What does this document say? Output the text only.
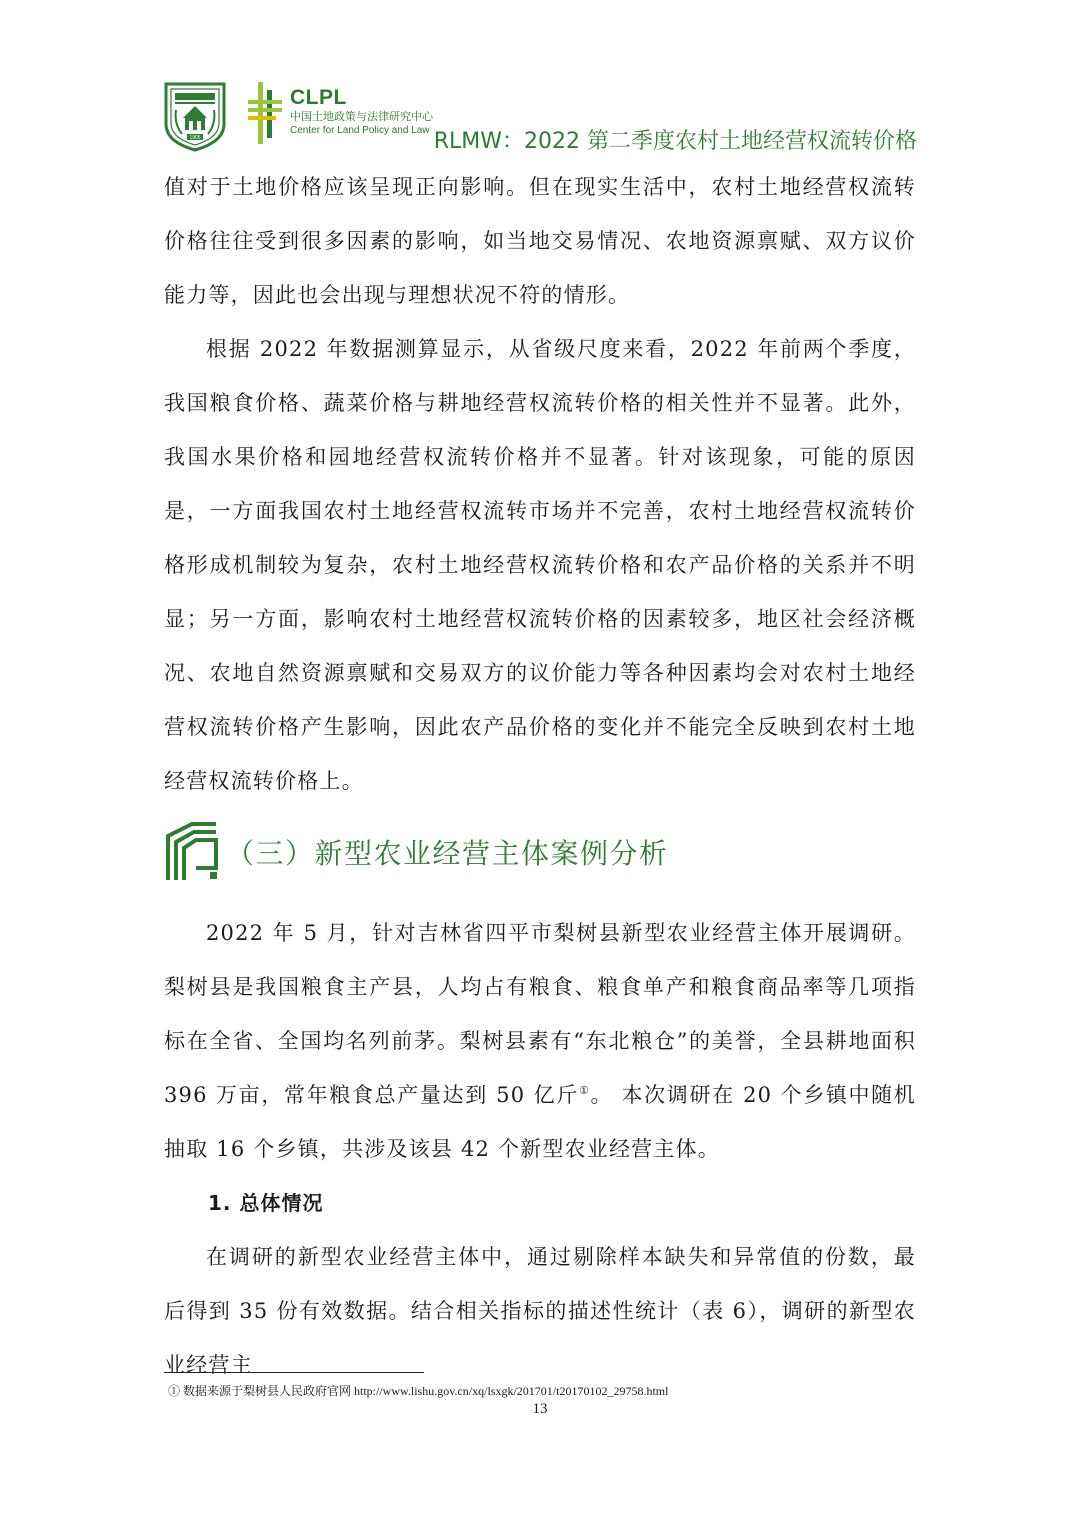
1905
CLPL
中国土地政策与法律研究中心
Center for Land Policy and Law RLMW：2022 第二季度农村土地经营权流转价格

值对于土地价格应该呈现正向影响。但在现实生活中，农村土地经营权流转价格往往受到很多因素的影响，如当地交易情况、农地资源禀赋、双方议价能力等，因此也会出现与理想状况不符的情形。

根据 2022 年数据测算显示，从省级尺度来看，2022 年前两个季度，我国粮食价格、蔬菜价格与耕地经营权流转价格的相关性并不显著。此外，我国水果价格和园地经营权流转价格并不显著。针对该现象，可能的原因是，一方面我国农村土地经营权流转市场并不完善，农村土地经营权流转价格形成机制较为复杂，农村土地经营权流转价格和农产品价格的关系并不明显；另一方面，影响农村土地经营权流转价格的因素较多，地区社会经济概况、农地自然资源禀赋和交易双方的议价能力等各种因素均会对农村土地经营权流转价格产生影响，因此农产品价格的变化并不能完全反映到农村土地经营权流转价格上。

（三）新型农业经营主体案例分析

2022 年 5 月，针对吉林省四平市梨树县新型农业经营主体开展调研。梨树县是我国粮食主产县，人均占有粮食、粮食单产和粮食商品率等几项指标在全省、全国均名列前茅。梨树县素有“东北粮仓”的美誉，全县耕地面积 396 万亩，常年粮食总产量达到 50 亿斤①。 本次调研在 20 个乡镇中随机抽取 16 个乡镇，共涉及该县 42 个新型农业经营主体。

1. 总体情况

在调研的新型农业经营主体中，通过剔除样本缺失和异常值的份数，最后得到 35 份有效数据。结合相关指标的描述性统计（表 6），调研的新型农业经营主

① 数据来源于梨树县人民政府官网 http://www.lishu.gov.cn/xq/lsxgk/201701/t20170102_29758.html
13
